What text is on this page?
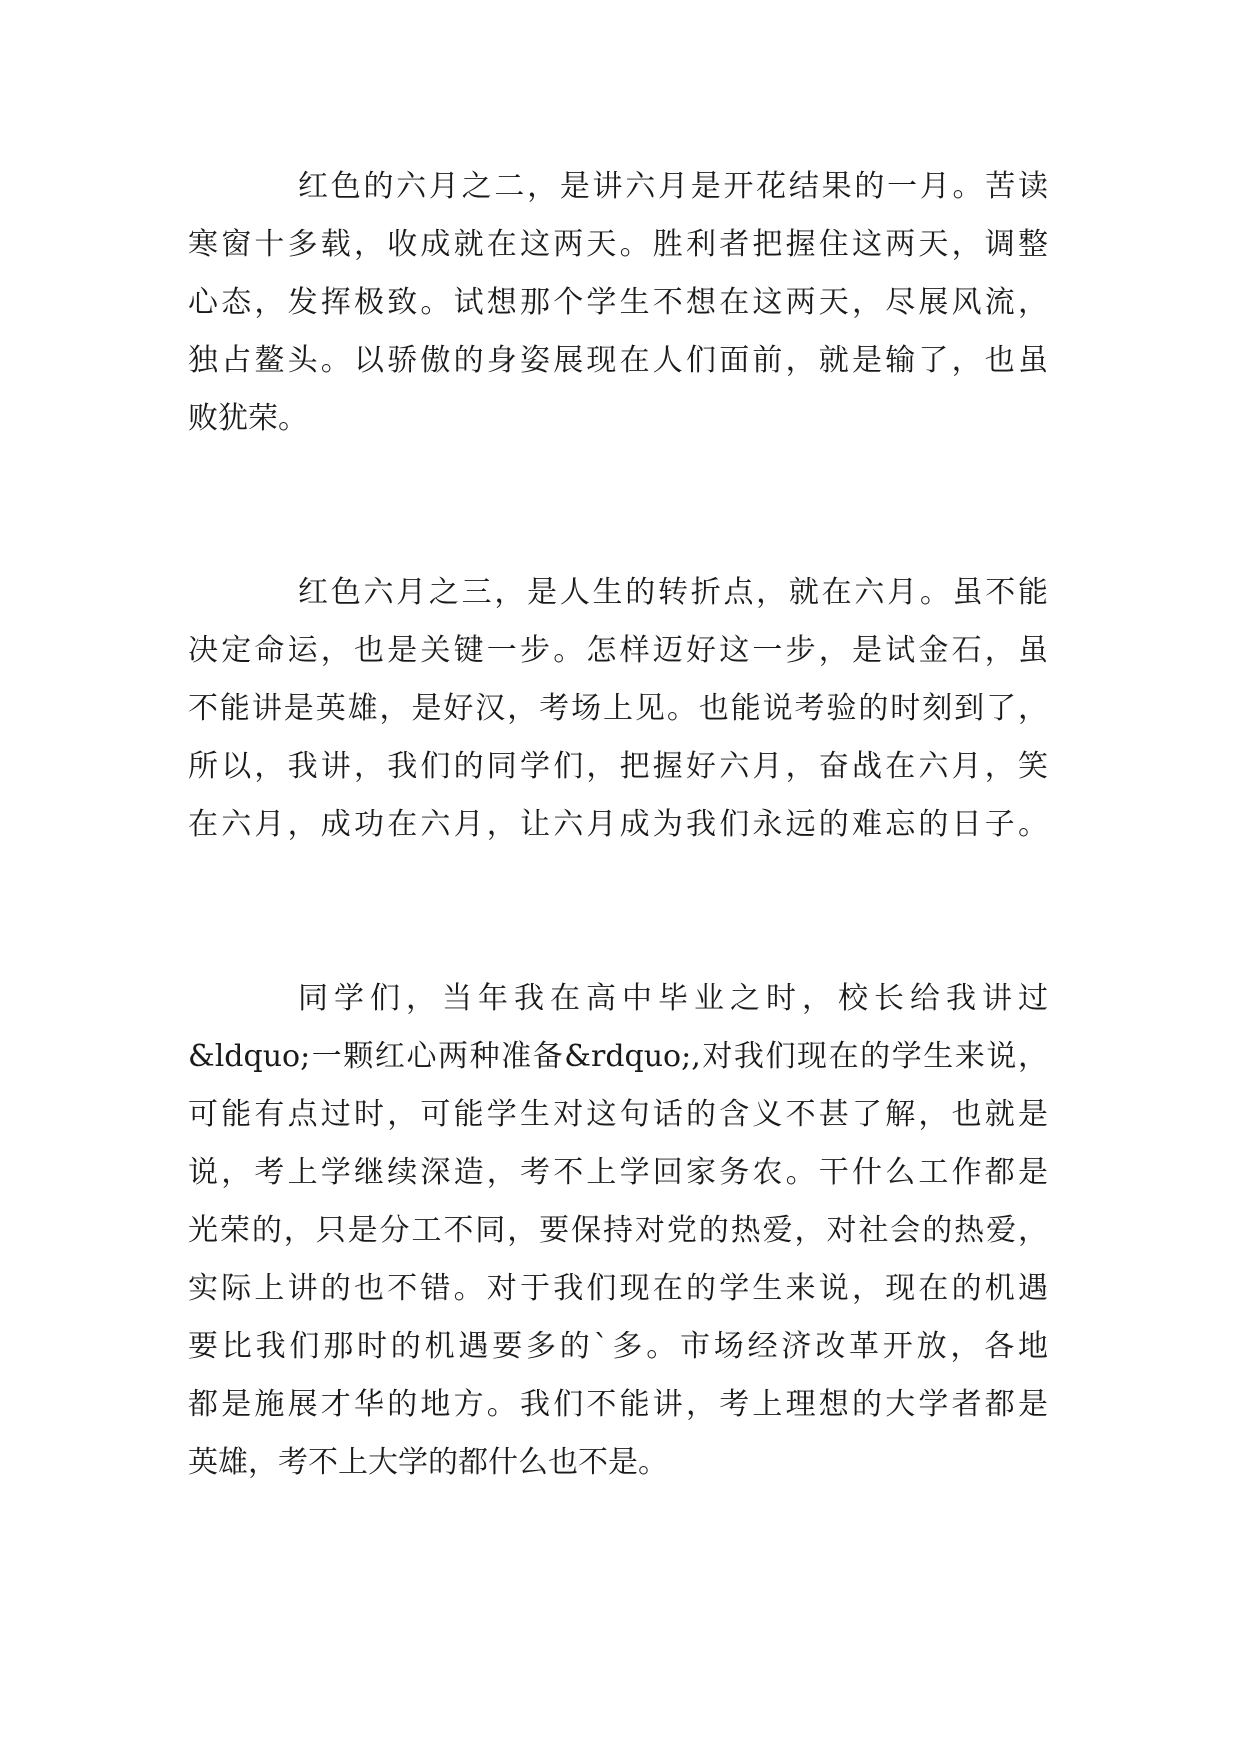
红色的六月之二，是讲六月是开花结果的一月。苦读
寒窗十多载，收成就在这两天。胜利者把握住这两天，调整
心态，发挥极致。试想那个学生不想在这两天，尽展风流，
独占鳌头。以骄傲的身姿展现在人们面前，就是输了，也虽
败犹荣。
红色六月之三，是人生的转折点，就在六月。虽不能
决定命运，也是关键一步。怎样迈好这一步，是试金石，虽
不能讲是英雄，是好汉，考场上见。也能说考验的时刻到了，
所以，我讲，我们的同学们，把握好六月，奋战在六月，笑
在六月，成功在六月，让六月成为我们永远的难忘的日子。
同学们，当年我在高中毕业之时，校长给我讲过
&ldquo;一颗红心两种准备&rdquo;,对我们现在的学生来说，
可能有点过时，可能学生对这句话的含义不甚了解，也就是
说，考上学继续深造，考不上学回家务农。干什么工作都是
光荣的，只是分工不同，要保持对党的热爱，对社会的热爱，
实际上讲的也不错。对于我们现在的学生来说，现在的机遇
要比我们那时的机遇要多的`多。市场经济改革开放，各地
都是施展才华的地方。我们不能讲，考上理想的大学者都是
英雄，考不上大学的都什么也不是。
